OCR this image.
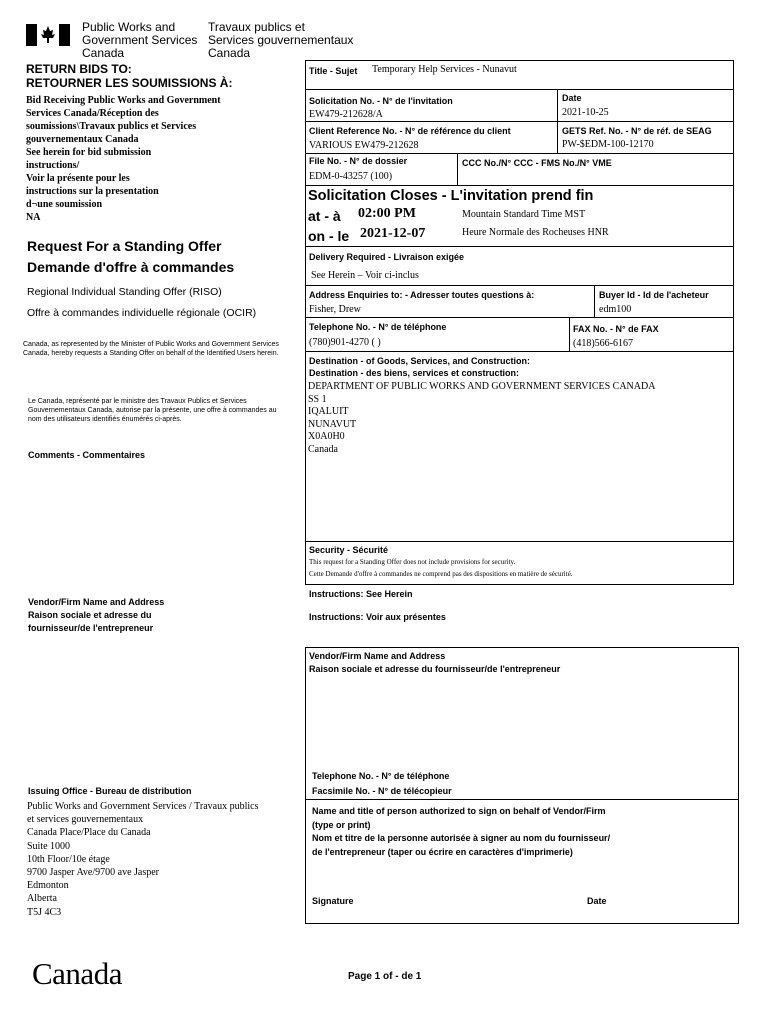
Public Works and
Government Services
Canada
Travaux publics et
Services gouvernementaux
Canada
RETURN BIDS TO:
RETOURNER LES SOUMISSIONS À:
Bid Receiving Public Works and Government
Services Canada/Réception des
soumissions\Travaux publics et Services
gouvernementaux Canada
See herein for bid submission
instructions/
Voir la présente pour les
instructions sur la presentation
d¬une soumission
NA
Request For a Standing Offer
Demande d'offre à commandes
Regional Individual Standing Offer (RISO)
Offre à commandes individuelle régionale (OCIR)
Canada, as represented by the Minister of Public Works and Government Services Canada, hereby requests a Standing Offer on behalf of the Identified Users herein.
Le Canada, représenté par le ministre des Travaux Publics et Services Gouvernementaux Canada, autorise par la présente, une offre à commandes au nom des utilisateurs identifiés énumérés ci-après.
Comments - Commentaires
Vendor/Firm Name and Address
Raison sociale et adresse du
fournisseur/de l'entrepreneur
Issuing Office - Bureau de distribution
Public Works and Government Services / Travaux publics
et services gouvernementaux
Canada Place/Place du Canada
Suite 1000
10th Floor/10e étage
9700 Jasper Ave/9700 ave Jasper
Edmonton
Alberta
T5J 4C3
Title - Sujet Temporary Help Services - Nunavut
Solicitation No. - N° de l'invitation
EW479-212628/A
Date
2021-10-25
Client Reference No. - N° de référence du client
VARIOUS EW479-212628
GETS Ref. No. - N° de réf. de SEAG
PW-$EDM-100-12170
File No. - N° de dossier
EDM-0-43257 (100)
CCC No./N° CCC - FMS No./N° VME
Solicitation Closes - L'invitation prend fin
at - à 02:00 PM	Mountain Standard Time MST
on - le 2021-12-07	Heure Normale des Rocheuses HNR
Delivery Required - Livraison exigée
See Herein – Voir ci-inclus
Address Enquiries to: - Adresser toutes questions à:
Fisher, Drew
Buyer Id - Id de l'acheteur
edm100
Telephone No. - N° de téléphone
(780)901-4270 ( )
FAX No. - N° de FAX
(418)566-6167
Destination - of Goods, Services, and Construction:
Destination - des biens, services et construction:
DEPARTMENT OF PUBLIC WORKS AND GOVERNMENT SERVICES CANADA
SS 1
IQALUIT
NUNAVUT
X0A0H0
Canada
Security - Sécurité
This request for a Standing Offer does not include provisions for security.
Cette Demande d'offre à commandes ne comprend pas des dispositions en matière de sécurité.
Instructions: See Herein
Instructions: Voir aux présentes
Vendor/Firm Name and Address
Raison sociale et adresse du fournisseur/de l'entrepreneur
Telephone No. - N° de téléphone
Facsimile No. - N° de télécopieur
Name and title of person authorized to sign on behalf of Vendor/Firm
(type or print)
Nom et titre de la personne autorisée à signer au nom du fournisseur/
de l'entrepreneur (taper ou écrire en caractères d'imprimerie)
Signature	Date
Canada	Page 1 of - de 1
